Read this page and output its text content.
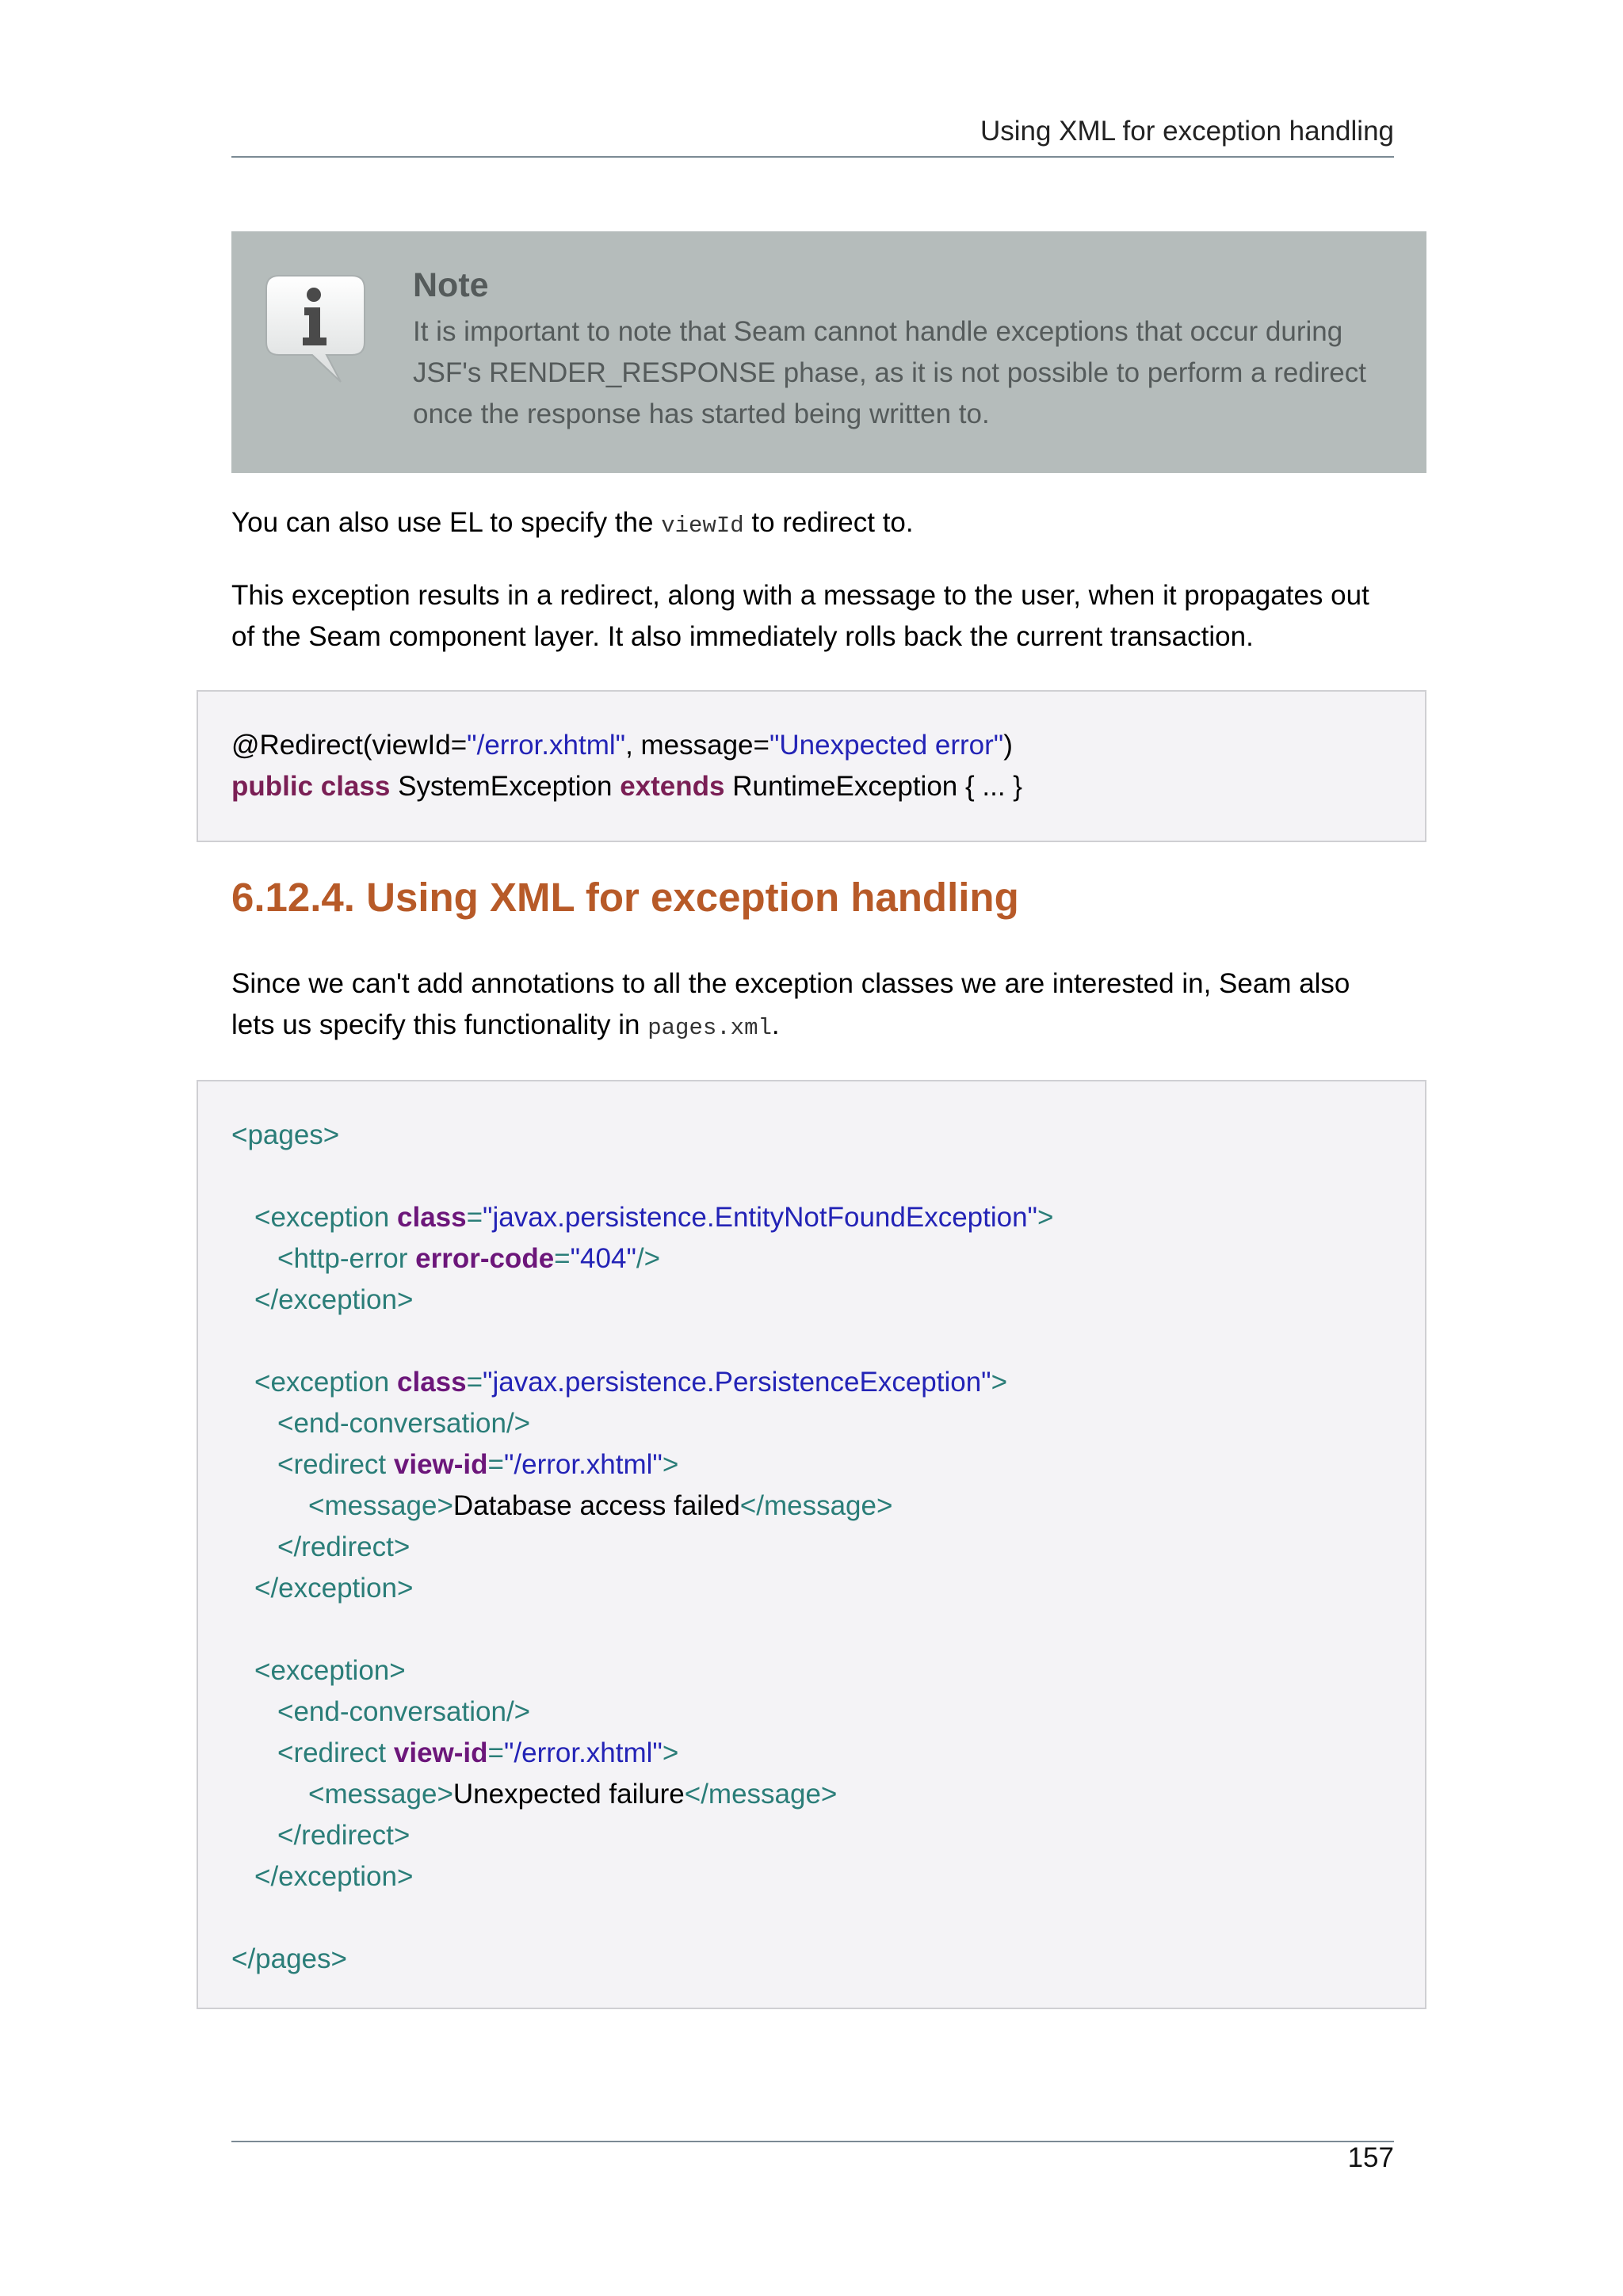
Using XML for exception handling
Note
It is important to note that Seam cannot handle exceptions that occur during JSF's RENDER_RESPONSE phase, as it is not possible to perform a redirect once the response has started being written to.
You can also use EL to specify the viewId to redirect to.
This exception results in a redirect, along with a message to the user, when it propagates out of the Seam component layer. It also immediately rolls back the current transaction.
@Redirect(viewId="/error.xhtml", message="Unexpected error")
public class SystemException extends RuntimeException { ... }
6.12.4. Using XML for exception handling
Since we can't add annotations to all the exception classes we are interested in, Seam also lets us specify this functionality in pages.xml.
<pages>
<exception class="javax.persistence.EntityNotFoundException">
<http-error error-code="404"/>
</exception>
<exception class="javax.persistence.PersistenceException">
<end-conversation/>
<redirect view-id="/error.xhtml">
<message>Database access failed</message>
</redirect>
</exception>
<exception>
<end-conversation/>
<redirect view-id="/error.xhtml">
<message>Unexpected failure</message>
</redirect>
</exception>
</pages>
157
